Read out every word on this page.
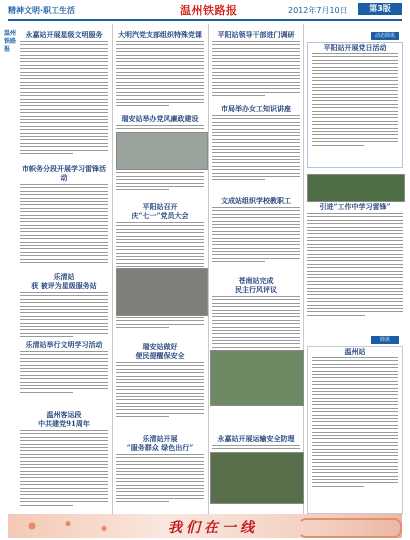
精神文明·职工生活	温州铁路报	2012年7月10日	第3版
温州铁路报
永嘉站开展星级文明服务
市帜务分段开展学习雷锋活动
乐清站
获 被评为星级服务站
乐清站举行文明学习活动
温州客运段
中共建党91周年
大明汽党支部组织特殊党课
瑞安站举办党风廉政建设
平阳站召开
庆“七一”党员大会
瑞安站做好
便民提醒保安全
乐清站开展
“服务群众 绿色出行”
平阳站领导干部进门调研
市局举办女工知识讲座
文成站组织学校教职工
苍南站完成
民主行风评议
永嘉站开展运输安全防理
动态简讯
平阳站开展党日活动
引进“工作中学习雷锋”
简讯
温州站
我们在一线
